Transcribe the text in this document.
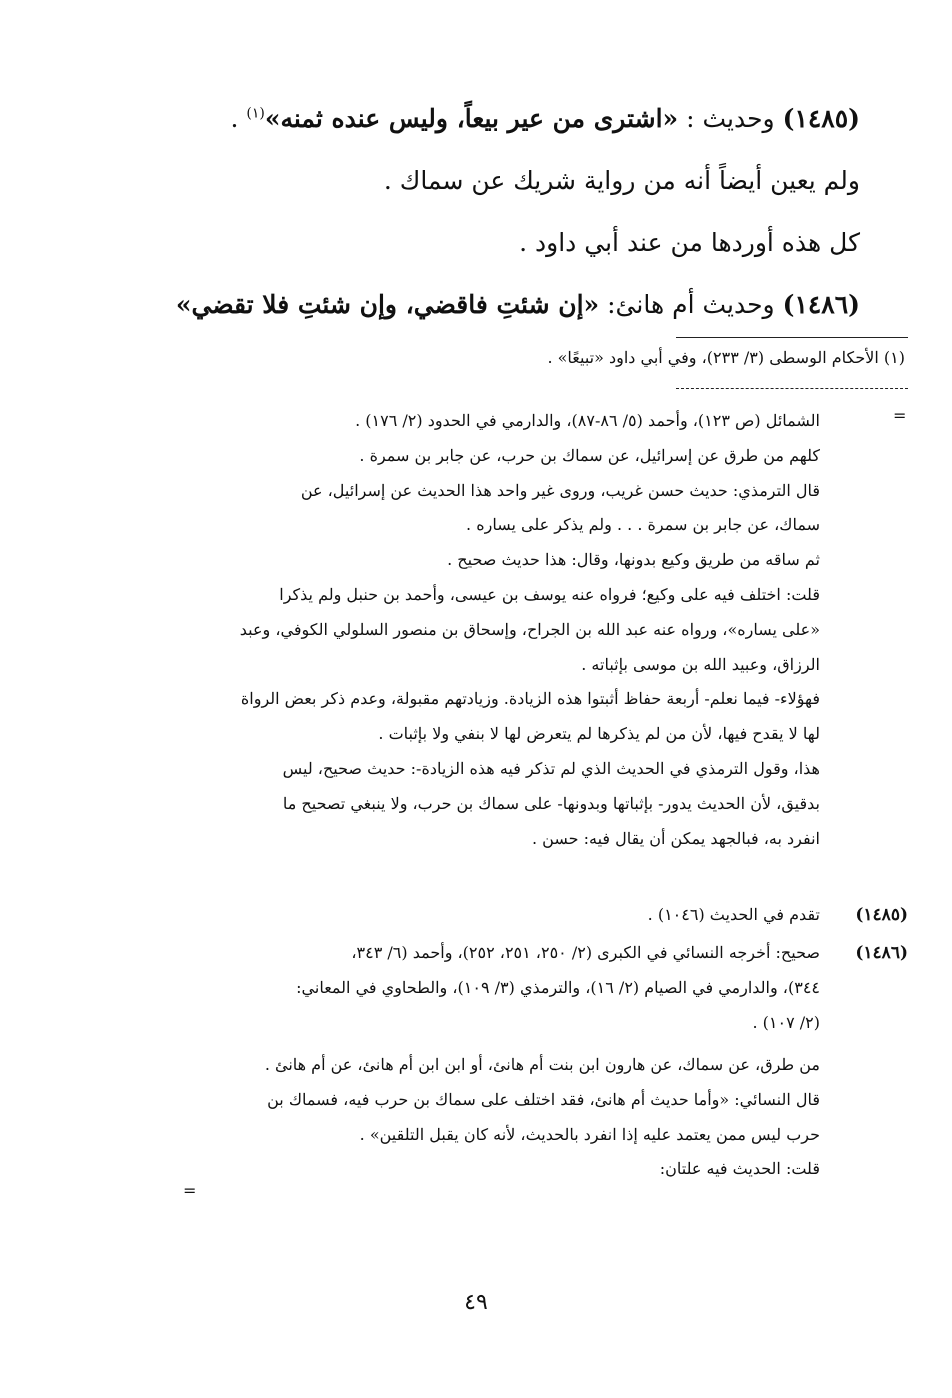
(١٤٨٥) وحديث : «اشترى من عير بيعاً، وليس عنده ثمنه»$^{(١)}$ .

ولم يعين أيضاً أنه من رواية شريك عن سماك .

كل هذه أوردها من عند أبي داود .

(١٤٨٦) وحديث أم هانئ: «إن شئتِ فاقضي، وإن شئتِ فلا تقضي»

(١) الأحكام الوسطى (٣/ ٢٣٣)، وفي أبي داود «تبيعًا» .
=

الشمائل (ص ١٢٣)، وأحمد (٥/ ٨٦-٨٧)، والدارمي في الحدود (٢/ ١٧٦) .

كلهم من طرق عن إسرائيل، عن سماك بن حرب، عن جابر بن سمرة .

قال الترمذي: حديث حسن غريب، وروى غير واحد هذا الحديث عن إسرائيل، عن

سماك، عن جابر بن سمرة . . . ولم يذكر على يساره .

ثم ساقه من طريق وكيع بدونها، وقال: هذا حديث صحيح .

قلت: اختلف فيه على وكيع؛ فرواه عنه يوسف بن عيسى، وأحمد بن حنبل ولم يذكرا

«على يساره»، ورواه عنه عبد الله بن الجراح، وإسحاق بن منصور السلولي الكوفي، وعبد

الرزاق، وعبيد الله بن موسى بإثباته .

فهؤلاء- فيما نعلم- أربعة حفاظ أثبتوا هذه الزيادة. وزيادتهم مقبولة، وعدم ذكر بعض الرواة

لها لا يقدح فيها، لأن من لم يذكرها لم يتعرض لها لا بنفي ولا بإثبات .

هذا، وقول الترمذي في الحديث الذي لم تذكر فيه هذه الزيادة-: حديث صحيح، ليس

بدقيق، لأن الحديث يدور- بإثباتها وبدونها- على سماك بن حرب، ولا ينبغي تصحيح ما

انفرد به، فبالجهد يمكن أن يقال فيه: حسن .

(١٤٨٥)

تقدم في الحديث (١٠٤٦) .

(١٤٨٦)

صحيح: أخرجه النسائي في الكبرى (٢/ ٢٥٠، ٢٥١، ٢٥٢)، وأحمد (٦/ ٣٤٣،

٣٤٤)، والدارمي في الصيام (٢/ ١٦)، والترمذي (٣/ ١٠٩)، والطحاوي في المعاني:

(٢/ ١٠٧) .

من طرق، عن سماك، عن هارون ابن بنت أم هانئ، أو ابن ابن أم هانئ، عن أم هانئ .

قال النسائي: «وأما حديث أم هانئ، فقد اختلف على سماك بن حرب فيه، فسماك بن

حرب ليس ممن يعتمد عليه إذا انفرد بالحديث، لأنه كان يقبل التلقين» .

قلت: الحديث فيه علتان:

=
٤٩
